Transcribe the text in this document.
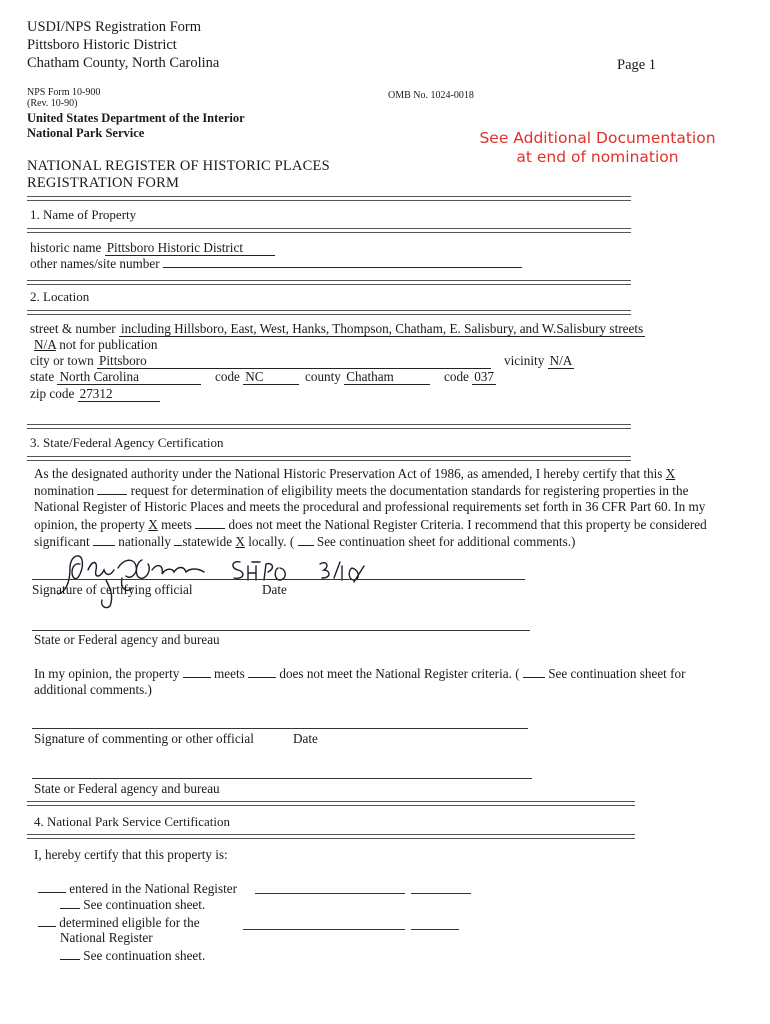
USDI/NPS Registration Form
Pittsboro Historic District
Chatham County, North Carolina	Page 1
NPS Form 10-900
(Rev. 10-90)
OMB No. 1024-0018
United States Department of the Interior
National Park Service	See Additional Documentation
at end of nomination
NATIONAL REGISTER OF HISTORIC PLACES
REGISTRATION FORM
1. Name of Property
historic name Pittsboro Historic District
other names/site number
2. Location
street & number including Hillsboro, East, West, Hanks, Thompson, Chatham, E. Salisbury, and W.Salisbury streets
N/A not for publication
city or town Pittsboro	vicinity N/A
state North Carolina	code NC	county Chatham	code 037
zip code 27312
3. State/Federal Agency Certification
As the designated authority under the National Historic Preservation Act of 1986, as amended, I hereby certify that this X nomination	request for determination of eligibility meets the documentation standards for registering properties in the National Register of Historic Places and meets the procedural and professional requirements set forth in 36 CFR Part 60. In my opinion, the property X meets	does not meet the National Register Criteria. I recommend that this property be considered significant nationally statewide X locally. ( See continuation sheet for additional comments.)
Signature of certifying official	Date
State or Federal agency and bureau
In my opinion, the property	meets	does not meet the National Register criteria. ( See continuation sheet for additional comments.)
Signature of commenting or other official	Date
State or Federal agency and bureau
4. National Park Service Certification
I, hereby certify that this property is:
entered in the National Register
See continuation sheet.
determined eligible for the
National Register
See continuation sheet.
